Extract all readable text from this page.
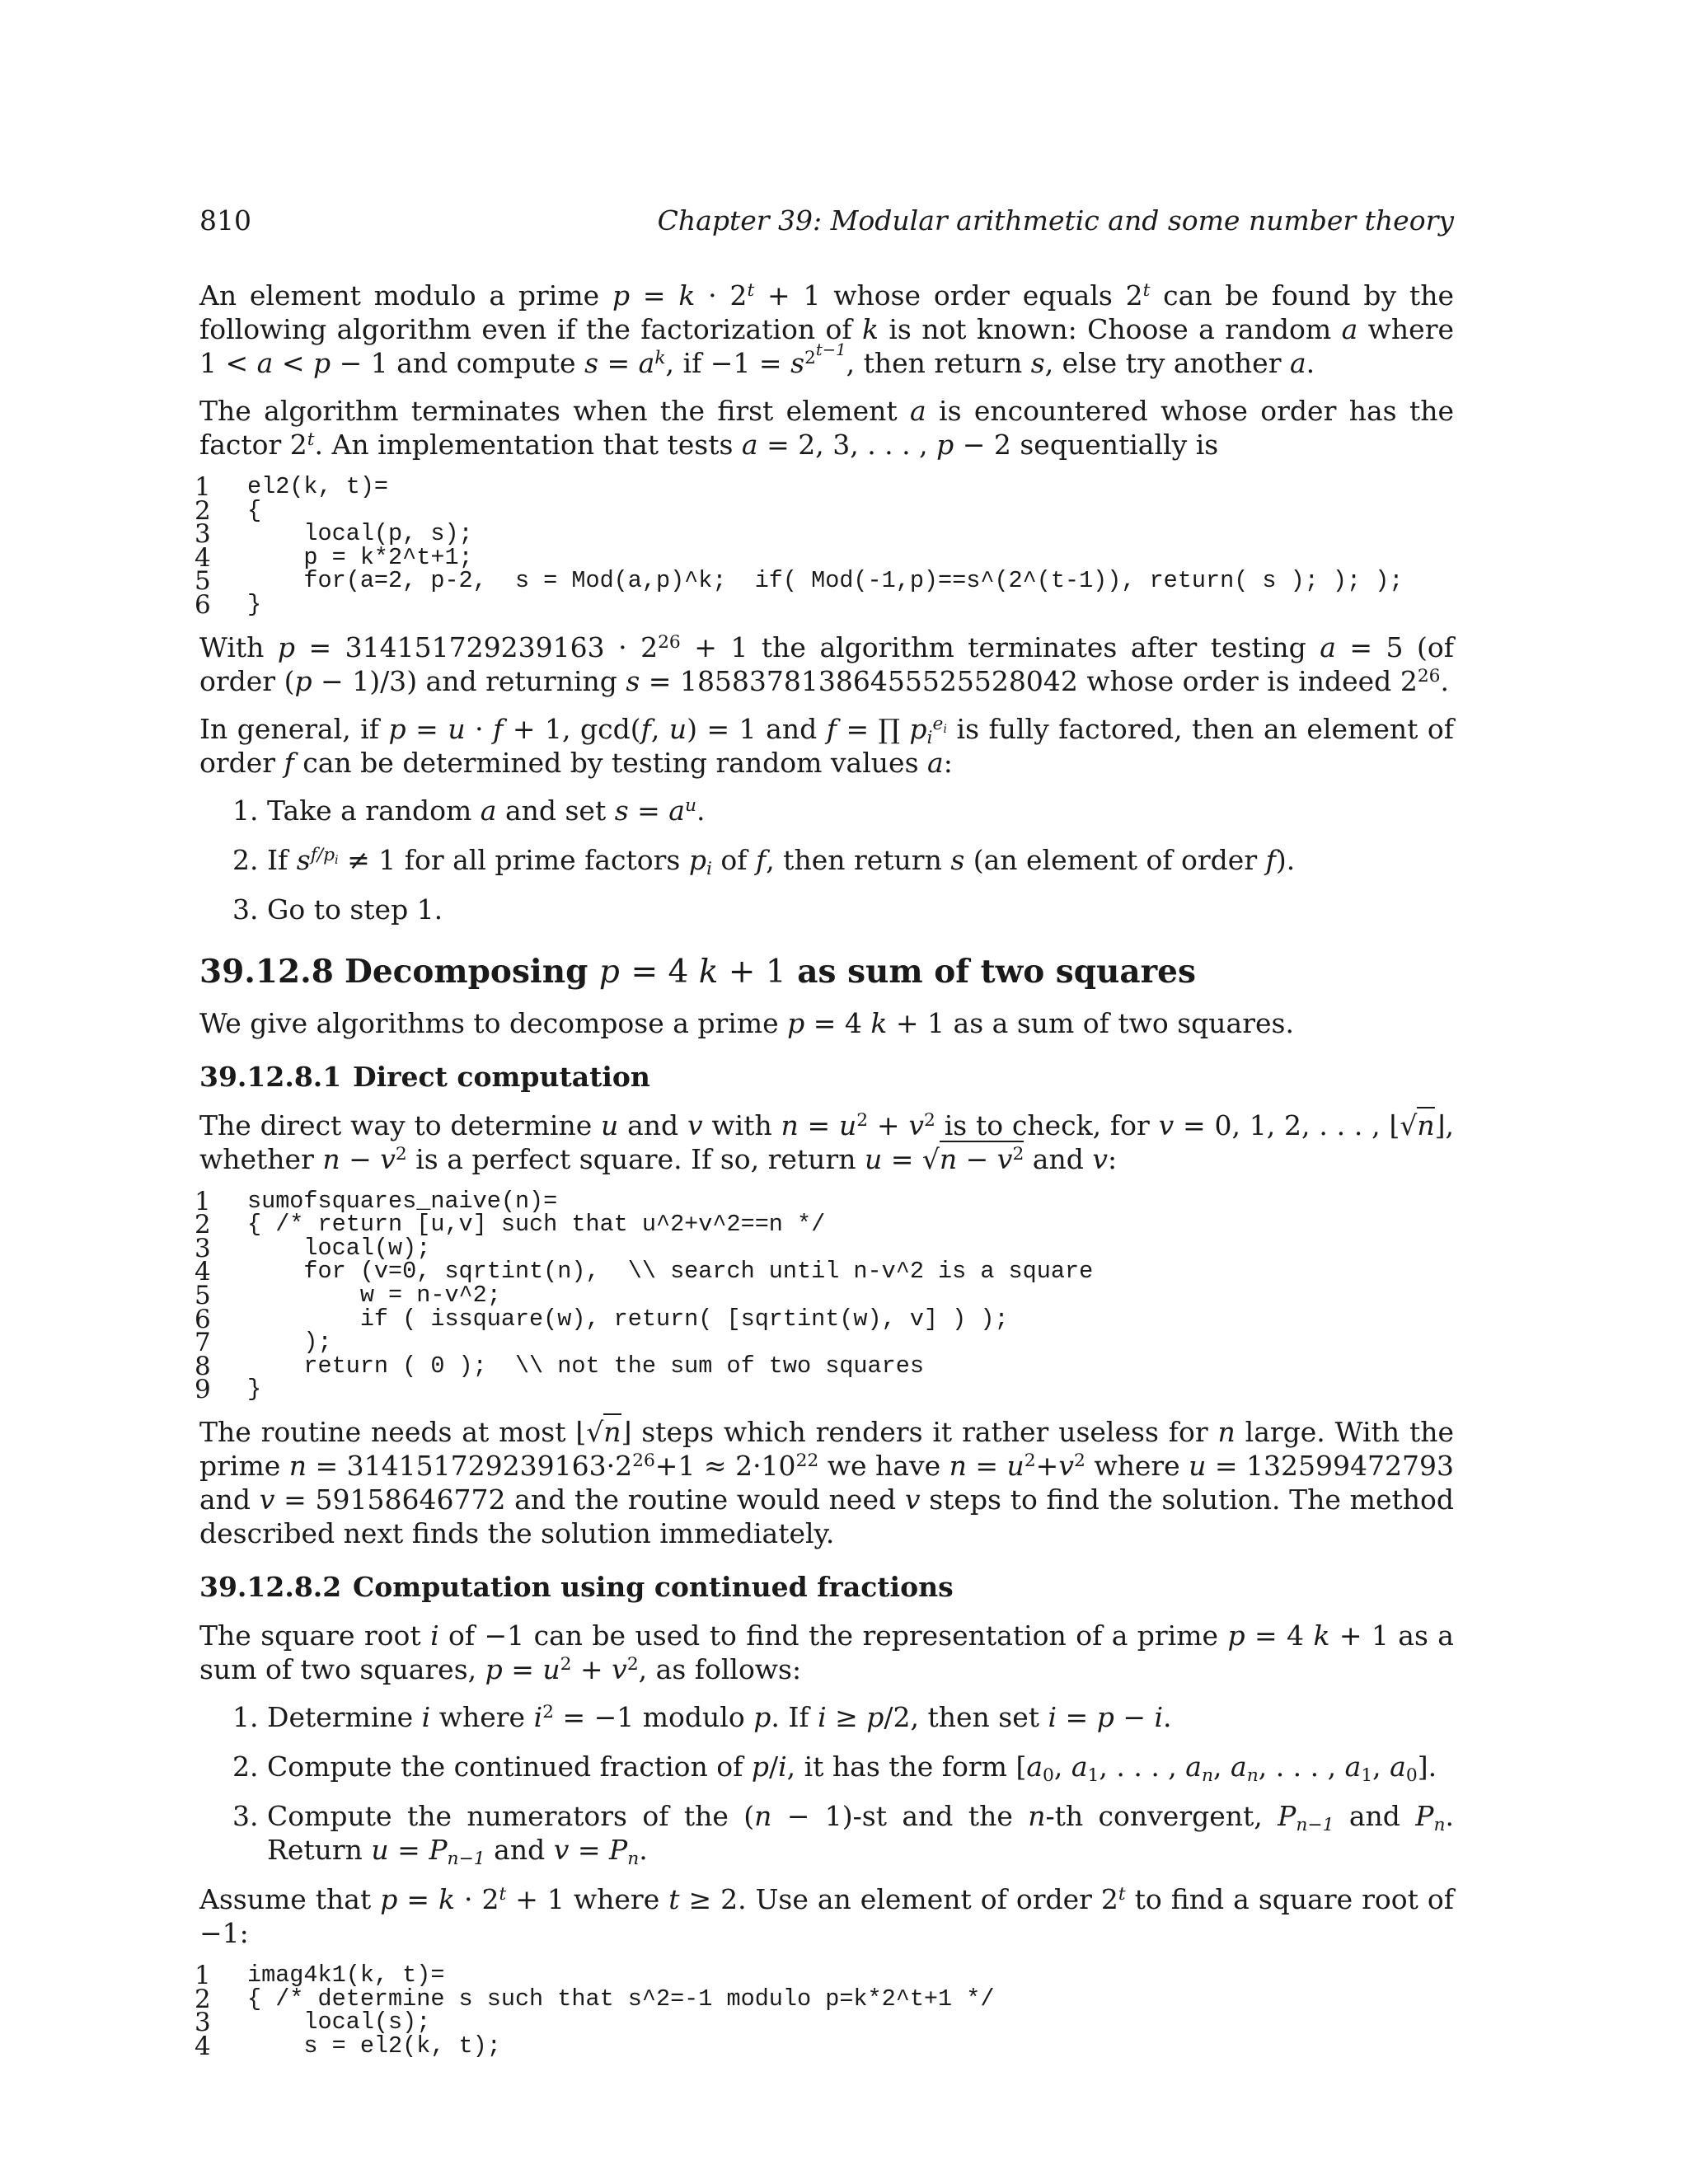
810	Chapter 39: Modular arithmetic and some number theory

An element modulo a prime $p = k \cdot 2^t + 1$ whose order equals 2$^t$ can be found by the following algorithm even if the factorization of k is not known: Choose a random a where 1 < a < p − 1 and compute $s = a^k$, if $-1 = s^{2^{t-1}}$, then return s, else try another a.

The algorithm terminates when the first element a is encountered whose order has the factor 2$^t$. An implementation that tests a = 2, 3, . . . , p − 2 sequentially is

1	el2(k, t)=
2	{
3	local(p, s);
4	p = k*2^t+1;
5	for(a=2, p-2,  s = Mod(a,p)^k;  if( Mod(-1,p)==s^(2^(t-1)), return( s ); ); );
6	}

With $p = 314151729239163 \cdot 2^{26} + 1$ the algorithm terminates after testing a = 5 (of order (p − 1)/3) and returning s = 18583781386455525528042 whose order is indeed $2^{26}$.

In general, if p = u · f + 1, gcd(f, u) = 1 and f = ∏ $p_i^{e_i}$ is fully factored, then an element of order f can be determined by testing random values a:

1. Take a random a and set $s = a^u$.
2. If $s^{f/p_i} \ne 1$ for all prime factors $p_i$ of f, then return s (an element of order f).
3. Go to step 1.
39.12.8 Decomposing p = 4 k + 1 as sum of two squares

We give algorithms to decompose a prime p = 4 k + 1 as a sum of two squares.

39.12.8.1 Direct computation

The direct way to determine u and v with $n = u^2 + v^2$ is to check, for v = 0, 1, 2, . . . , ⌊√n⌋, whether $n - v^2$ is a perfect square. If so, return $u = √n - v^2$ and v:

1	sumofsquares_naive(n)=
2	{ /* return [u,v] such that u^2+v^2==n */
3	local(w);
4	for (v=0, sqrtint(n),  \\ search until n-v^2 is a square
5	w = n-v^2;
6	if ( issquare(w), return( [sqrtint(w), v] ) );
7	);
8	return ( 0 );  \\ not the sum of two squares
9	}

The routine needs at most ⌊√n⌋ steps which renders it rather useless for n large. With the prime $n = 314151729239163\cdot 2^{26}+1 \approx 2\cdot 10^{22}$ we have $n = u^2+v^2$ where u = 132599472793 and v = 59158646772 and the routine would need v steps to find the solution. The method described next finds the solution immediately.

39.12.8.2 Computation using continued fractions

The square root i of −1 can be used to find the representation of a prime p = 4 k + 1 as a sum of two squares, $p = u^2 + v^2$, as follows:

1. Determine i where $i^2 = -1$ modulo p. If i ≥ p/2, then set i = p − i.
2. Compute the continued fraction of p/i, it has the form [$a_0$, $a_1$, . . . , $a_n$, $a_n$, . . . , $a_1$, $a_0$].
3. Compute the numerators of the (n − 1)-st and the n-th convergent, $P_{n-1}$ and $P_n$. Return $u = P_{n-1}$ and $v = P_n$.

Assume that $p = k \cdot 2^t + 1$ where t ≥ 2. Use an element of order 2$^t$ to find a square root of −1:

1	imag4k1(k, t)=
2	{ /* determine s such that s^2=-1 modulo p=k*2^t+1 */
3	local(s);
4	s = el2(k, t);
